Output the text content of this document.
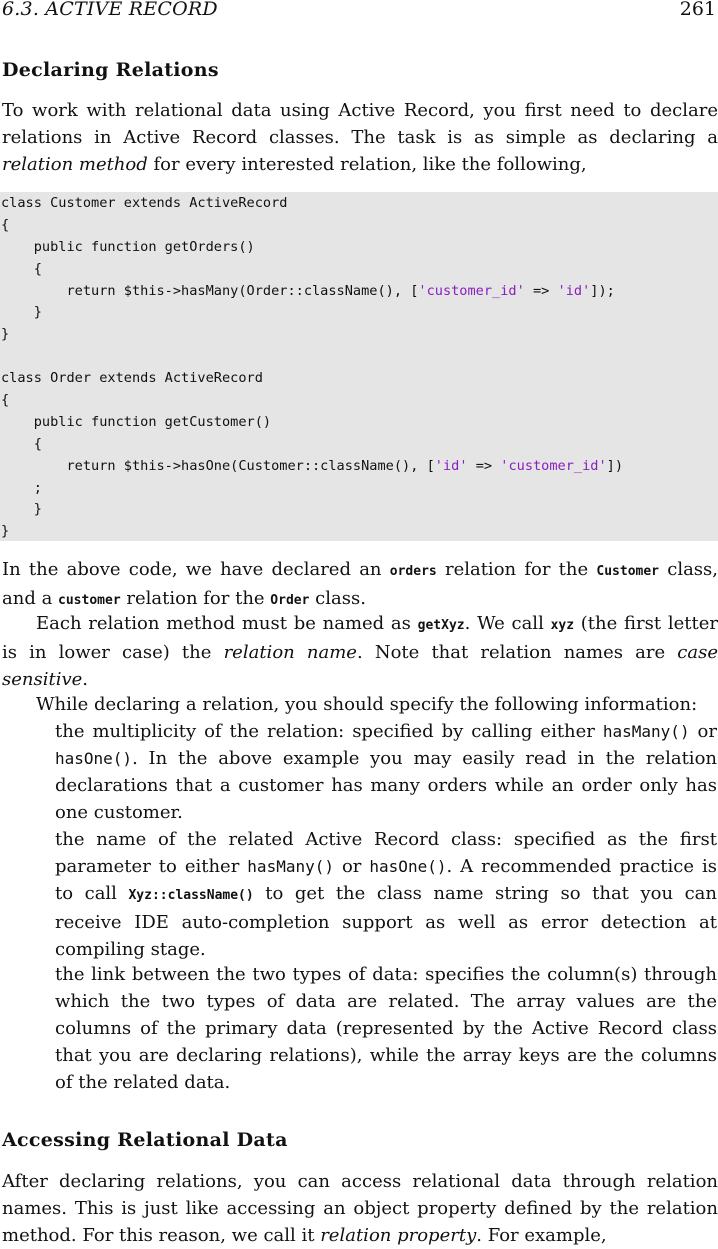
6.3. ACTIVE RECORD	261
Declaring Relations

To work with relational data using Active Record, you first need to declare relations in Active Record classes. The task is as simple as declaring a relation method for every interested relation, like the following,

class Customer extends ActiveRecord
{
public function getOrders()
{
return $this->hasMany(Order::className(), ['customer_id' => 'id']);
}
}
class Order extends ActiveRecord
{
public function getCustomer()
{
return $this->hasOne(Customer::className(), ['id' => 'customer_id'])
;
}
}

In the above code, we have declared an orders relation for the Customer class, and a customer relation for the Order class.

Each relation method must be named as getXyz. We call xyz (the first letter is in lower case) the relation name. Note that relation names are case sensitive.

While declaring a relation, you should specify the following information:

the multiplicity of the relation: specified by calling either hasMany() or hasOne(). In the above example you may easily read in the relation declarations that a customer has many orders while an order only has one customer.

the name of the related Active Record class: specified as the first parameter to either hasMany() or hasOne(). A recommended practice is to call Xyz::className() to get the class name string so that you can receive IDE auto-completion support as well as error detection at compiling stage.

the link between the two types of data: specifies the column(s) through which the two types of data are related. The array values are the columns of the primary data (represented by the Active Record class that you are declaring relations), while the array keys are the columns of the related data.

Accessing Relational Data

After declaring relations, you can access relational data through relation names. This is just like accessing an object property defined by the relation method. For this reason, we call it relation property. For example,
